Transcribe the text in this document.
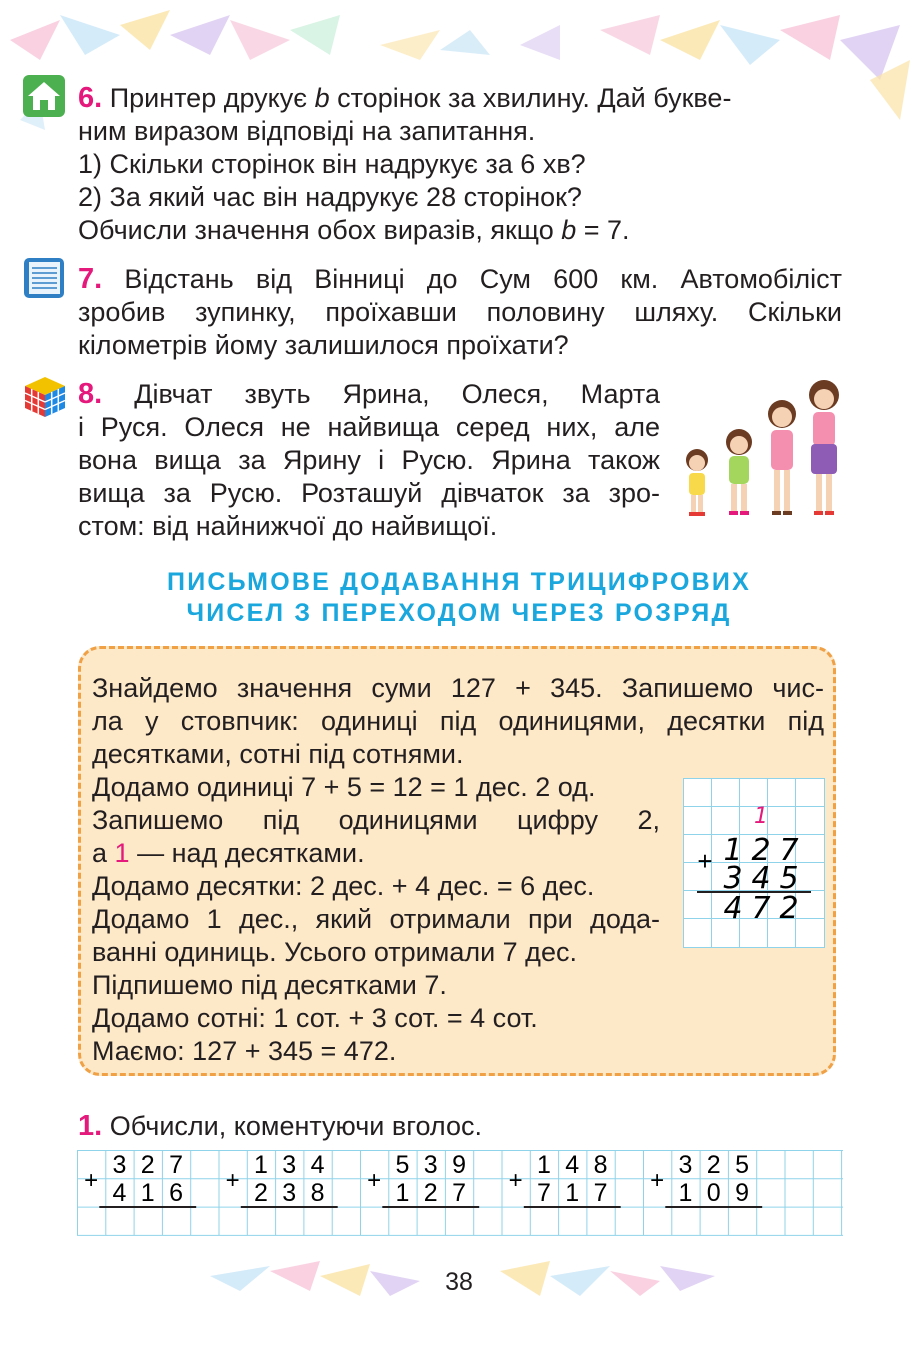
6. Принтер друкує b сторінок за хвилину. Дай букве-
ним виразом відповіді на запитання.
1) Скільки сторінок він надрукує за 6 хв?
2) За який час він надрукує 28 сторінок?
Обчисли значення обох виразів, якщо b = 7.
7. Відстань від Вінниці до Сум 600 км. Автомобіліст
зробив зупинку, проїхавши половину шляху. Скільки
кілометрів йому залишилося проїхати?
8. Дівчат звуть Ярина, Олеся, Марта
і Руся. Олеся не найвища серед них, але
вона вища за Ярину і Русю. Ярина також
вища за Русю. Розташуй дівчаток за зро-
стом: від найнижчої до найвищої.
ПИСЬМОВЕ ДОДАВАННЯ ТРИЦИФРОВИХ
ЧИСЕЛ З ПЕРЕХОДОМ ЧЕРЕЗ РОЗРЯД
Знайдемо значення суми 127 + 345. Запишемо чис-
ла у стовпчик: одиниці під одиницями, десятки під
десятками, сотні під сотнями.
Додамо одиниці 7 + 5 = 12 = 1 дес. 2 од.
Запишемо під одиницями цифру 2,
а 1 — над десятками.
Додамо десятки: 2 дес. + 4 дес. = 6 дес.
Додамо 1 дес., який отримали при дода-
ванні одиниць. Усього отримали 7 дес.
Підпишемо під десятками 7.
Додамо сотні: 1 сот. + 3 сот. = 4 сот.
Маємо: 127 + 345 = 472.
1
+ 1 2 7
3 4 5
4 7 2
1. Обчисли, коментуючи вголос.
+
3 2 7
4 1 6 +
1 3 4
2 3 8 +
5 3 9
1 2 7 +
1 4 8
7 1 7 +
3 2 5
1 0 9
38
